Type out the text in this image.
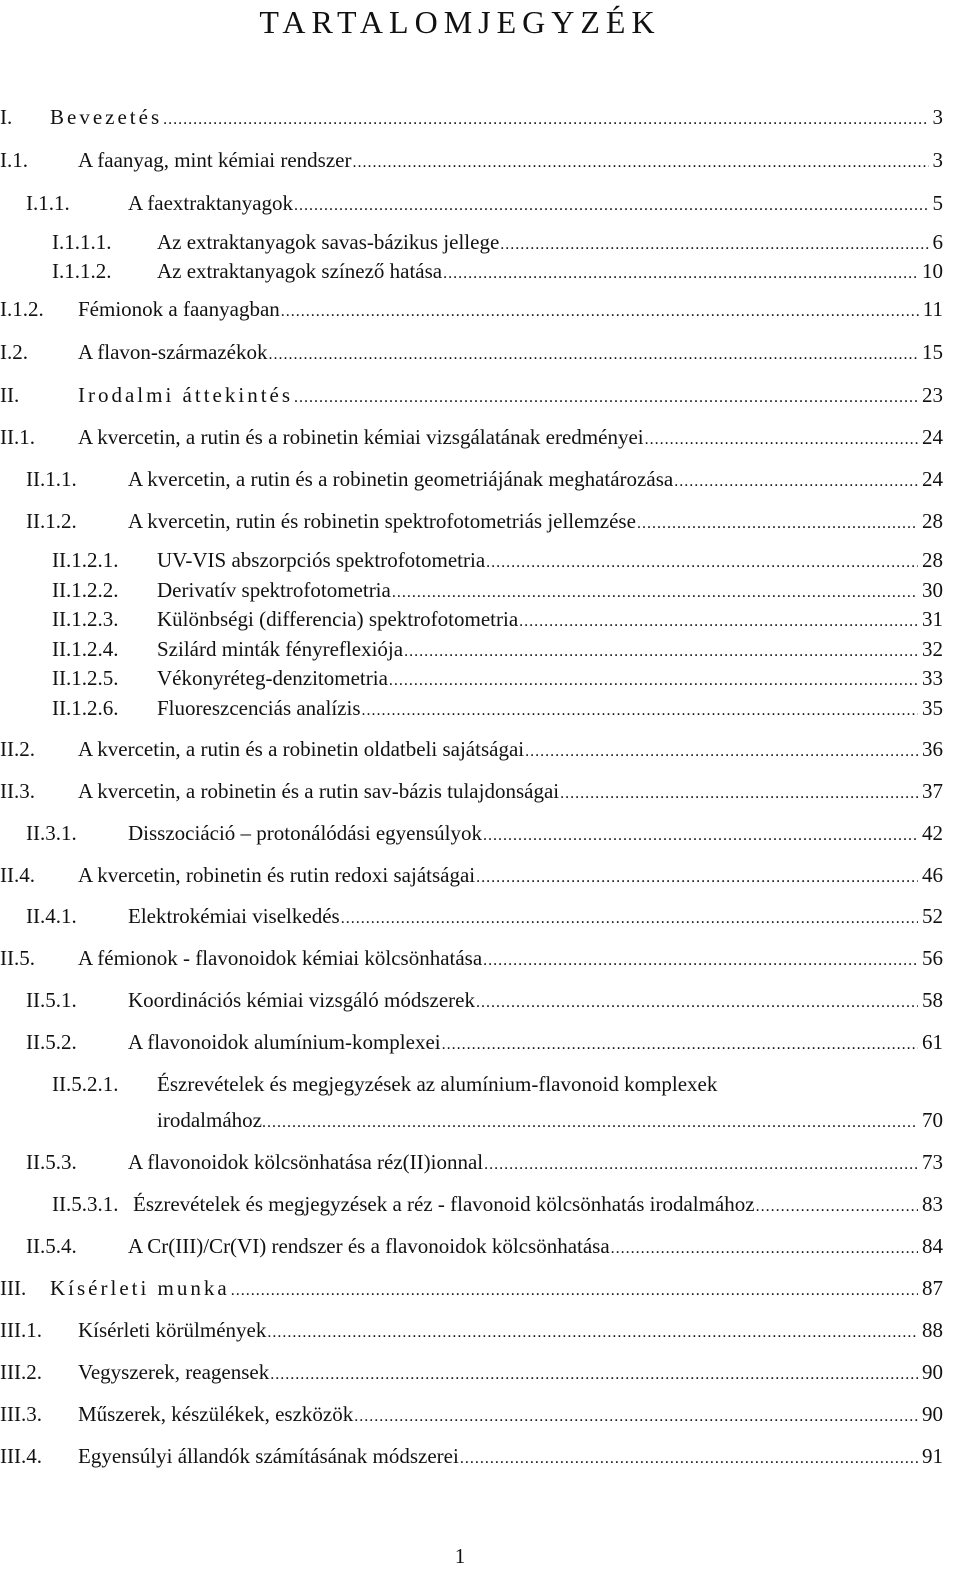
TARTALOMJEGYZÉK
I. Bevezetés .....	3
I.1. A faanyag, mint kémiai rendszer .....	3
I.1.1.	A faextraktanyagok .....	5
I.1.1.1. Az extraktanyagok savas-bázikus jellege .....	6
I.1.1.2. Az extraktanyagok színező hatása .....	10
I.1.2. Fémionok a faanyagban .....	11
I.2. A flavon-származékok .....	15
II.	Irodalmi áttekintés .....	23
II.1. A kvercetin, a rutin és a robinetin kémiai vizsgálatának eredményei .....	24
II.1.1. A kvercetin, a rutin és a robinetin geometriájának meghatározása .....	24
II.1.2. A kvercetin, rutin és robinetin spektrofotometriás jellemzése .....	28
II.1.2.1. UV-VIS abszorpciós spektrofotometria .....	28
II.1.2.2. Derivatív spektrofotometria .....	30
II.1.2.3. Különbségi (differencia) spektrofotometria .....	31
II.1.2.4. Szilárd minták fényreflexiója .....	32
II.1.2.5. Vékonyréteg-denzitometria .....	33
II.1.2.6. Fluoreszcenciás analízis .....	35
II.2. A kvercetin, a rutin és a robinetin oldatbeli sajátságai .....	36
II.3. A kvercetin, a robinetin és a rutin sav-bázis tulajdonságai .....	37
II.3.1. Disszociáció – protonálódási egyensúlyok .....	42
II.4. A kvercetin, robinetin és rutin redoxi sajátságai .....	46
II.4.1. Elektrokémiai viselkedés .....	52
II.5. A fémionok - flavonoidok kémiai kölcsönhatása .....	56
II.5.1. Koordinációs kémiai vizsgáló módszerek .....	58
II.5.2. A flavonoidok alumínium-komplexei .....	61
II.5.2.1. Észrevételek és megjegyzések az alumínium-flavonoid komplexek
irodalmához .....	70
II.5.3. A flavonoidok kölcsönhatása réz(II)ionnal .....	73
II.5.3.1. Észrevételek és megjegyzések a réz - flavonoid kölcsönhatás irodalmához .....	83
II.5.4. A Cr(III)/Cr(VI) rendszer és a flavonoidok kölcsönhatása .....	84
III. Kísérleti munka .....	87
III.1. Kísérleti körülmények .....	88
III.2. Vegyszerek, reagensek .....	90
III.3. Műszerek, készülékek, eszközök .....	90
III.4. Egyensúlyi állandók számításának módszerei .....	91
1
